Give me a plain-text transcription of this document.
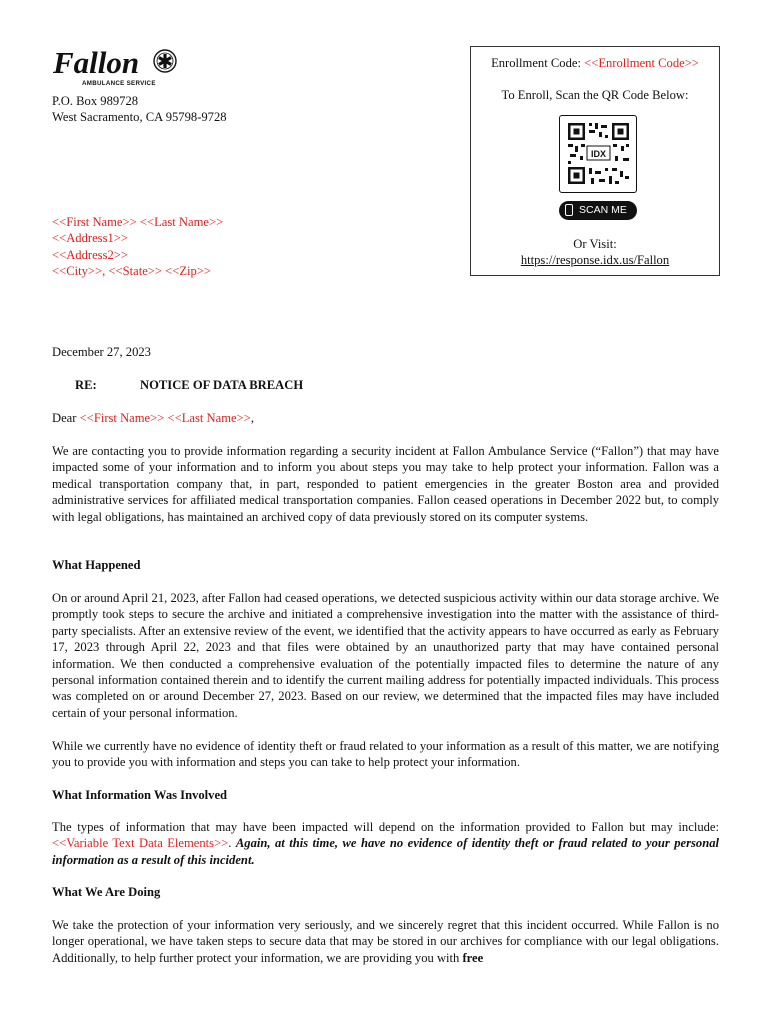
Fallon
AMBULANCE SERVICE
P.O. Box 989728
West Sacramento, CA 95798-9728
Enrollment Code: <<Enrollment Code>>
To Enroll, Scan the QR Code Below:
IDX
SCAN ME
Or Visit:
https://response.idx.us/Fallon
<<First Name>> <<Last Name>>
<<Address1>>
<<Address2>>
<<City>>, <<State>> <<Zip>>
December 27, 2023
RE:	NOTICE OF DATA BREACH
Dear <<First Name>> <<Last Name>>,
We are contacting you to provide information regarding a security incident at Fallon Ambulance Service (“Fallon”) that may have impacted some of your information and to inform you about steps you may take to help protect your information. Fallon was a medical transportation company that, in part, responded to patient emergencies in the greater Boston area and provided administrative services for affiliated medical transportation companies. Fallon ceased operations in December 2022 but, to comply with legal obligations, has maintained an archived copy of data previously stored on its computer systems.
What Happened
On or around April 21, 2023, after Fallon had ceased operations, we detected suspicious activity within our data storage archive. We promptly took steps to secure the archive and initiated a comprehensive investigation into the matter with the assistance of third-party specialists. After an extensive review of the event, we identified that the activity appears to have occurred as early as February 17, 2023 through April 22, 2023 and that files were obtained by an unauthorized party that may have contained personal information. We then conducted a comprehensive evaluation of the potentially impacted files to determine the nature of any personal information contained therein and to identify the current mailing address for potentially impacted individuals. This process was completed on or around December 27, 2023. Based on our review, we determined that the impacted files may have included certain of your personal information.
While we currently have no evidence of identity theft or fraud related to your information as a result of this matter, we are notifying you to provide you with information and steps you can take to help protect your information.
What Information Was Involved
The types of information that may have been impacted will depend on the information provided to Fallon but may include: <<Variable Text Data Elements>>. Again, at this time, we have no evidence of identity theft or fraud related to your personal information as a result of this incident.
What We Are Doing
We take the protection of your information very seriously, and we sincerely regret that this incident occurred. While Fallon is no longer operational, we have taken steps to secure data that may be stored in our archives for compliance with our legal obligations. Additionally, to help further protect your information, we are providing you with free
